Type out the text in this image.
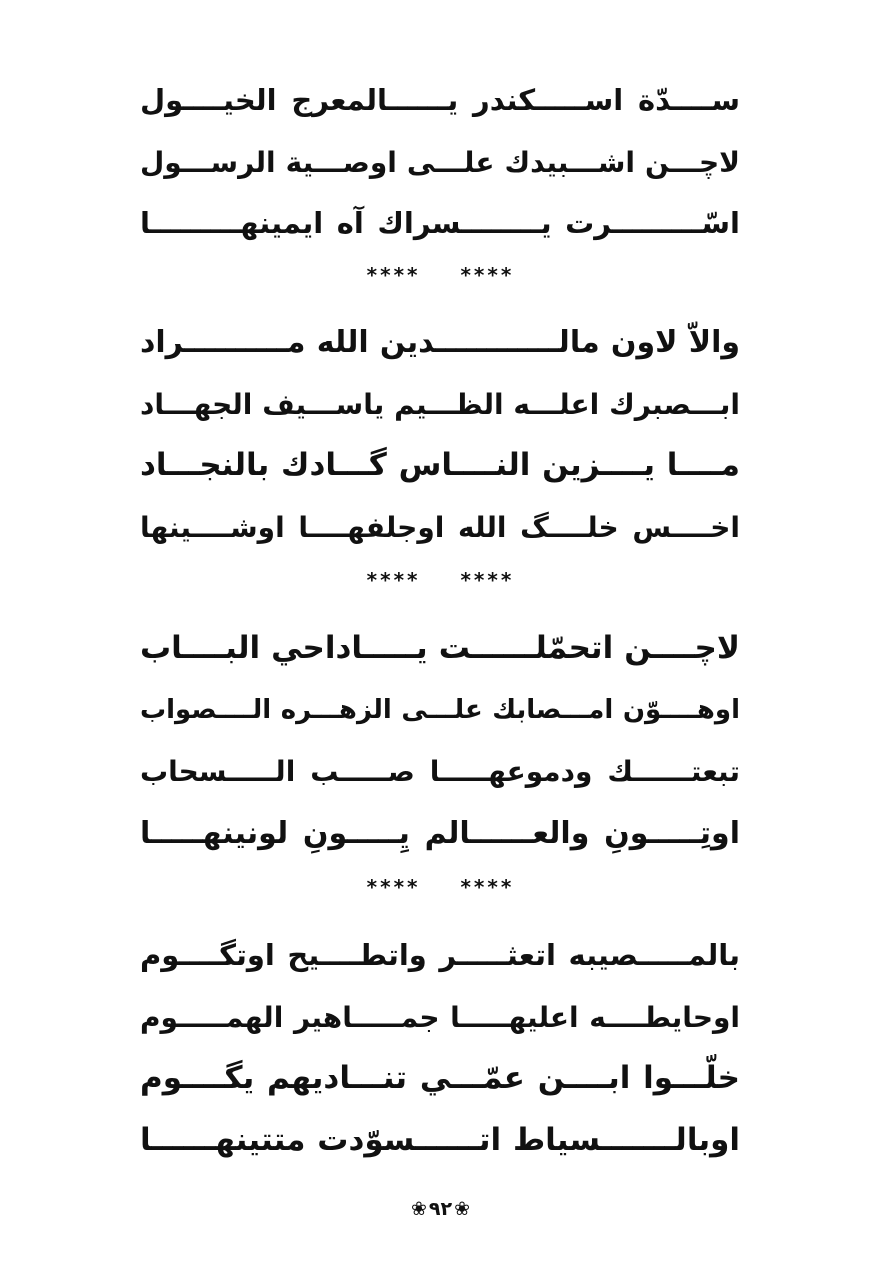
ســــدّة اســـــكندر يــــــالمعرج الخيــــول
لاچـــن اشـــبيدك علـــى اوصـــية الرســـول
اسّـــــــــرت يــــــــسراك آه ايمينهـــــــــا
**** ****
والاّ لاون مالــــــــــــدين الله مــــــــــراد
ابـــصبرك اعلـــه الظـــيم ياســـيف الجهـــاد
مــــا يــــزين النــــاس گـــادك بالنجـــاد
اخــــس خلــــگ الله اوجلفهــــا اوشــــينها
**** ****
لاچــــن اتحمّلــــــت يـــــاداحي البــــاب
اوهــــوّن امـــصابك علـــى الزهـــره الــــصواب
تبعتــــــك ودموعهـــــا صـــــب الـــــسحاب
اوتِـــــونِ والعــــــالم يِـــــونِ لونينهـــــا
**** ****
بالمـــــصيبه اتعثـــــر واتطــــيح اوتگــــوم
اوحايطــــه اعليهـــــا جمـــــاهير الهمـــــوم
خلّـــوا ابــــن عمّـــي تنـــاديهم يگــــوم
اوبالـــــــسياط اتــــــسوّدت متتينهــــــا
❀٩٢❀
